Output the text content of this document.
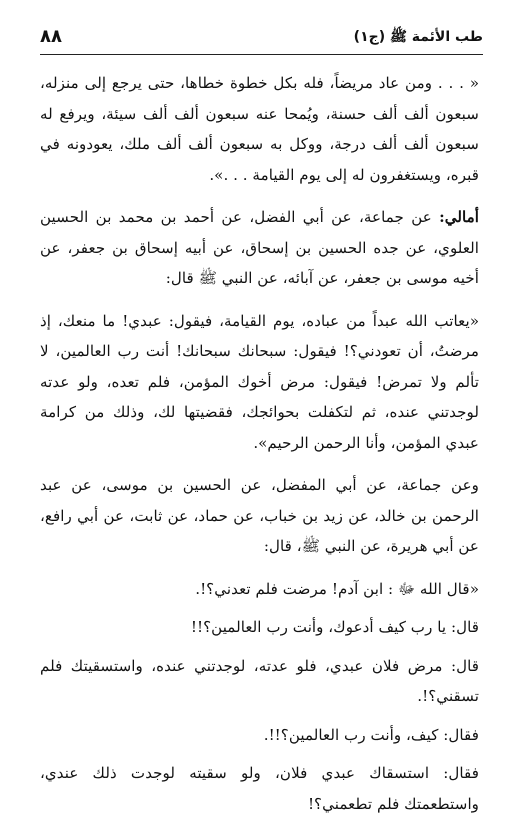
٨٨	طب الأئمة ﷺ (ج١)

« . . . ومن عاد مريضاً، فله بكل خطوة خطاها، حتى يرجع إلى منزله، سبعون ألف ألف حسنة، ويُمحا عنه سبعون ألف ألف سيئة، ويرفع له سبعون ألف ألف درجة، ووكل به سبعون ألف ألف ملك، يعودونه في قبره، ويستغفرون له إلى يوم القيامة . . .».

أمالي: عن جماعة، عن أبي الفضل، عن أحمد بن محمد بن الحسين العلوي، عن جده الحسين بن إسحاق، عن أبيه إسحاق بن جعفر، عن أخيه موسى بن جعفر، عن آبائه، عن النبي ﷺ قال:

«يعاتب الله عبداً من عباده، يوم القيامة، فيقول: عبدي! ما منعك، إذ مرضتُ، أن تعودني؟! فيقول: سبحانك سبحانك! أنت رب العالمين، لا تألم ولا تمرض! فيقول: مرض أخوك المؤمن، فلم تعده، ولو عدته لوجدتني عنده، ثم لتكفلت بحوائجك، فقضيتها لك، وذلك من كرامة عبدي المؤمن، وأنا الرحمن الرحيم».

وعن جماعة، عن أبي المفضل، عن الحسين بن موسى، عن عبد الرحمن بن خالد، عن زيد بن خباب، عن حماد، عن ثابت، عن أبي رافع، عن أبي هريرة، عن النبي ﷺ، قال:

«قال الله ﷻ : ابن آدم! مرضت فلم تعدني؟!.

قال: يا رب كيف أدعوك، وأنت رب العالمين؟!!

قال: مرض فلان عبدي، فلو عدته، لوجدتني عنده، واستسقيتك فلم تسقني؟!.

فقال: كيف، وأنت رب العالمين؟!!.

فقال: استسقاك عبدي فلان، ولو سقيته لوجدت ذلك عندي، واستطعمتك فلم تطعمني؟!
